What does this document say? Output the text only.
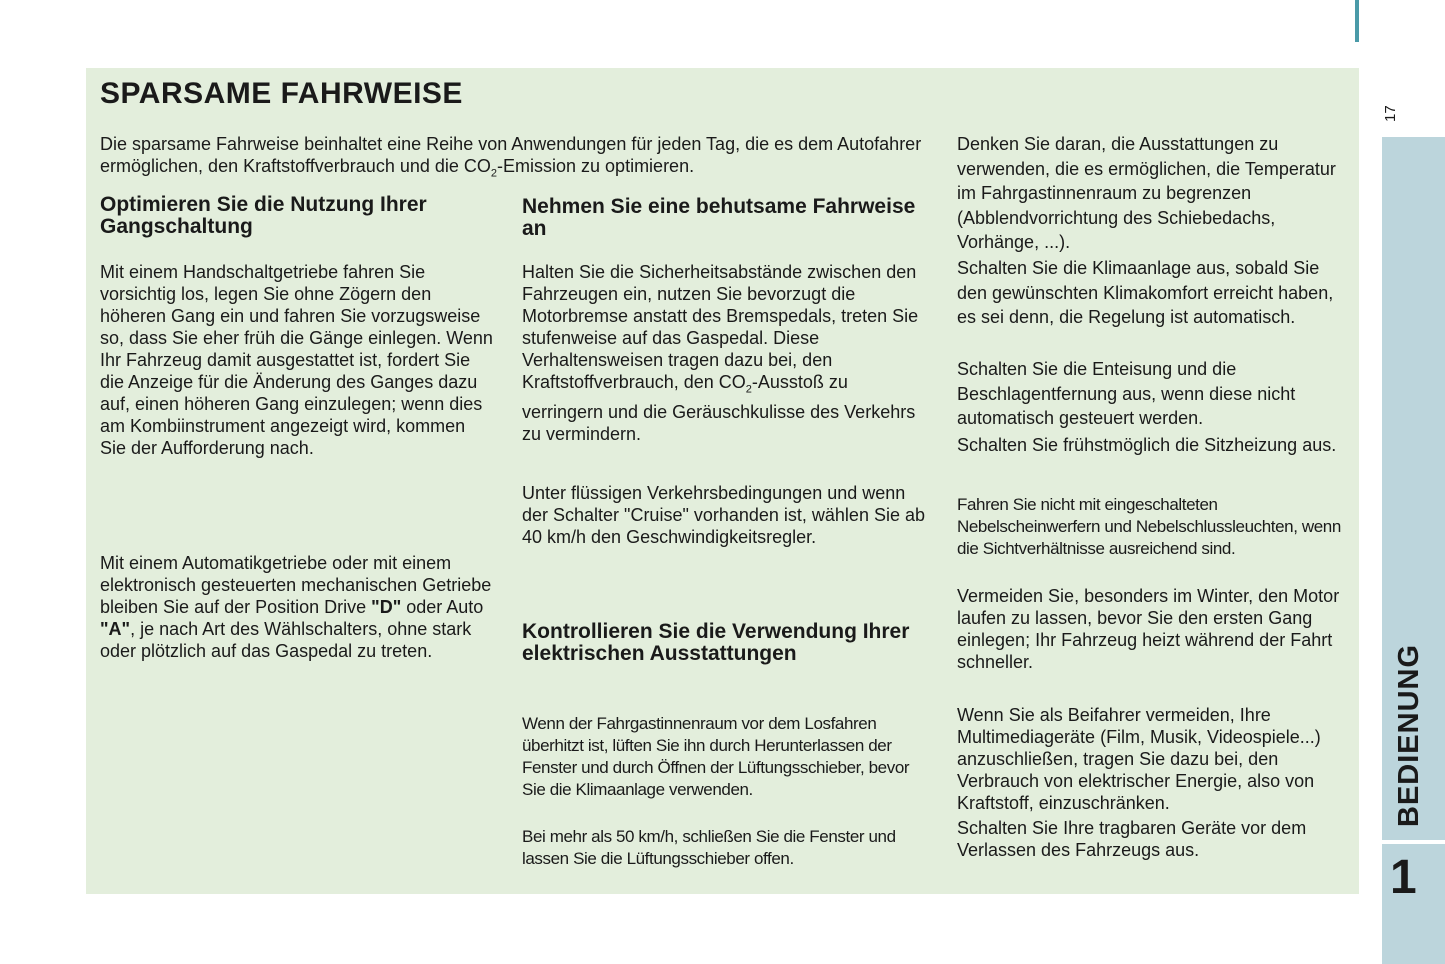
SPARSAME FAHRWEISE

Die sparsame Fahrweise beinhaltet eine Reihe von Anwendungen für jeden Tag, die es dem Autofahrer ermöglichen, den Kraftstoffverbrauch und die $CO_2$-Emission zu optimieren.

Optimieren Sie die Nutzung Ihrer Gangschaltung

Mit einem Handschaltgetriebe fahren Sie vorsichtig los, legen Sie ohne Zögern den höheren Gang ein und fahren Sie vorzugsweise so, dass Sie eher früh die Gänge einlegen. Wenn Ihr Fahrzeug damit ausgestattet ist, fordert Sie die Anzeige für die Änderung des Ganges dazu auf, einen höheren Gang einzulegen; wenn dies am Kombiinstrument angezeigt wird, kommen Sie der Aufforderung nach.

Mit einem Automatikgetriebe oder mit einem elektronisch gesteuerten mechanischen Getriebe bleiben Sie auf der Position Drive "D" oder Auto "A", je nach Art des Wählschalters, ohne stark oder plötzlich auf das Gaspedal zu treten.

Nehmen Sie eine behutsame Fahrweise an

Halten Sie die Sicherheitsabstände zwischen den Fahrzeugen ein, nutzen Sie bevorzugt die Motorbremse anstatt des Bremspedals, treten Sie stufenweise auf das Gaspedal. Diese Verhaltensweisen tragen dazu bei, den Kraftstoffverbrauch, den $CO_2$-Ausstoß zu verringern und die Geräuschkulisse des Verkehrs zu vermindern.

Unter flüssigen Verkehrsbedingungen und wenn der Schalter "Cruise" vorhanden ist, wählen Sie ab 40 km/h den Geschwindigkeitsregler.

Kontrollieren Sie die Verwendung Ihrer elektrischen Ausstattungen

Wenn der Fahrgastinnenraum vor dem Losfahren überhitzt ist, lüften Sie ihn durch Herunterlassen der Fenster und durch Öffnen der Lüftungsschieber, bevor Sie die Klimaanlage verwenden.

Bei mehr als 50 km/h, schließen Sie die Fenster und lassen Sie die Lüftungsschieber offen.

Denken Sie daran, die Ausstattungen zu verwenden, die es ermöglichen, die Temperatur im Fahrgastinnenraum zu begrenzen (Abblendvorrichtung des Schiebedachs, Vorhänge, ...).

Schalten Sie die Klimaanlage aus, sobald Sie den gewünschten Klimakomfort erreicht haben, es sei denn, die Regelung ist automatisch.

Schalten Sie die Enteisung und die Beschlagentfernung aus, wenn diese nicht automatisch gesteuert werden.

Schalten Sie frühstmöglich die Sitzheizung aus.

Fahren Sie nicht mit eingeschalteten Nebelscheinwerfern und Nebelschlussleuchten, wenn die Sichtverhältnisse ausreichend sind.

Vermeiden Sie, besonders im Winter, den Motor laufen zu lassen, bevor Sie den ersten Gang einlegen; Ihr Fahrzeug heizt während der Fahrt schneller.

Wenn Sie als Beifahrer vermeiden, Ihre Multimediageräte (Film, Musik, Videospiele...) anzuschließen, tragen Sie dazu bei, den Verbrauch von elektrischer Energie, also von Kraftstoff, einzuschränken.

Schalten Sie Ihre tragbaren Geräte vor dem Verlassen des Fahrzeugs aus.

17
BEDIENUNG
1
